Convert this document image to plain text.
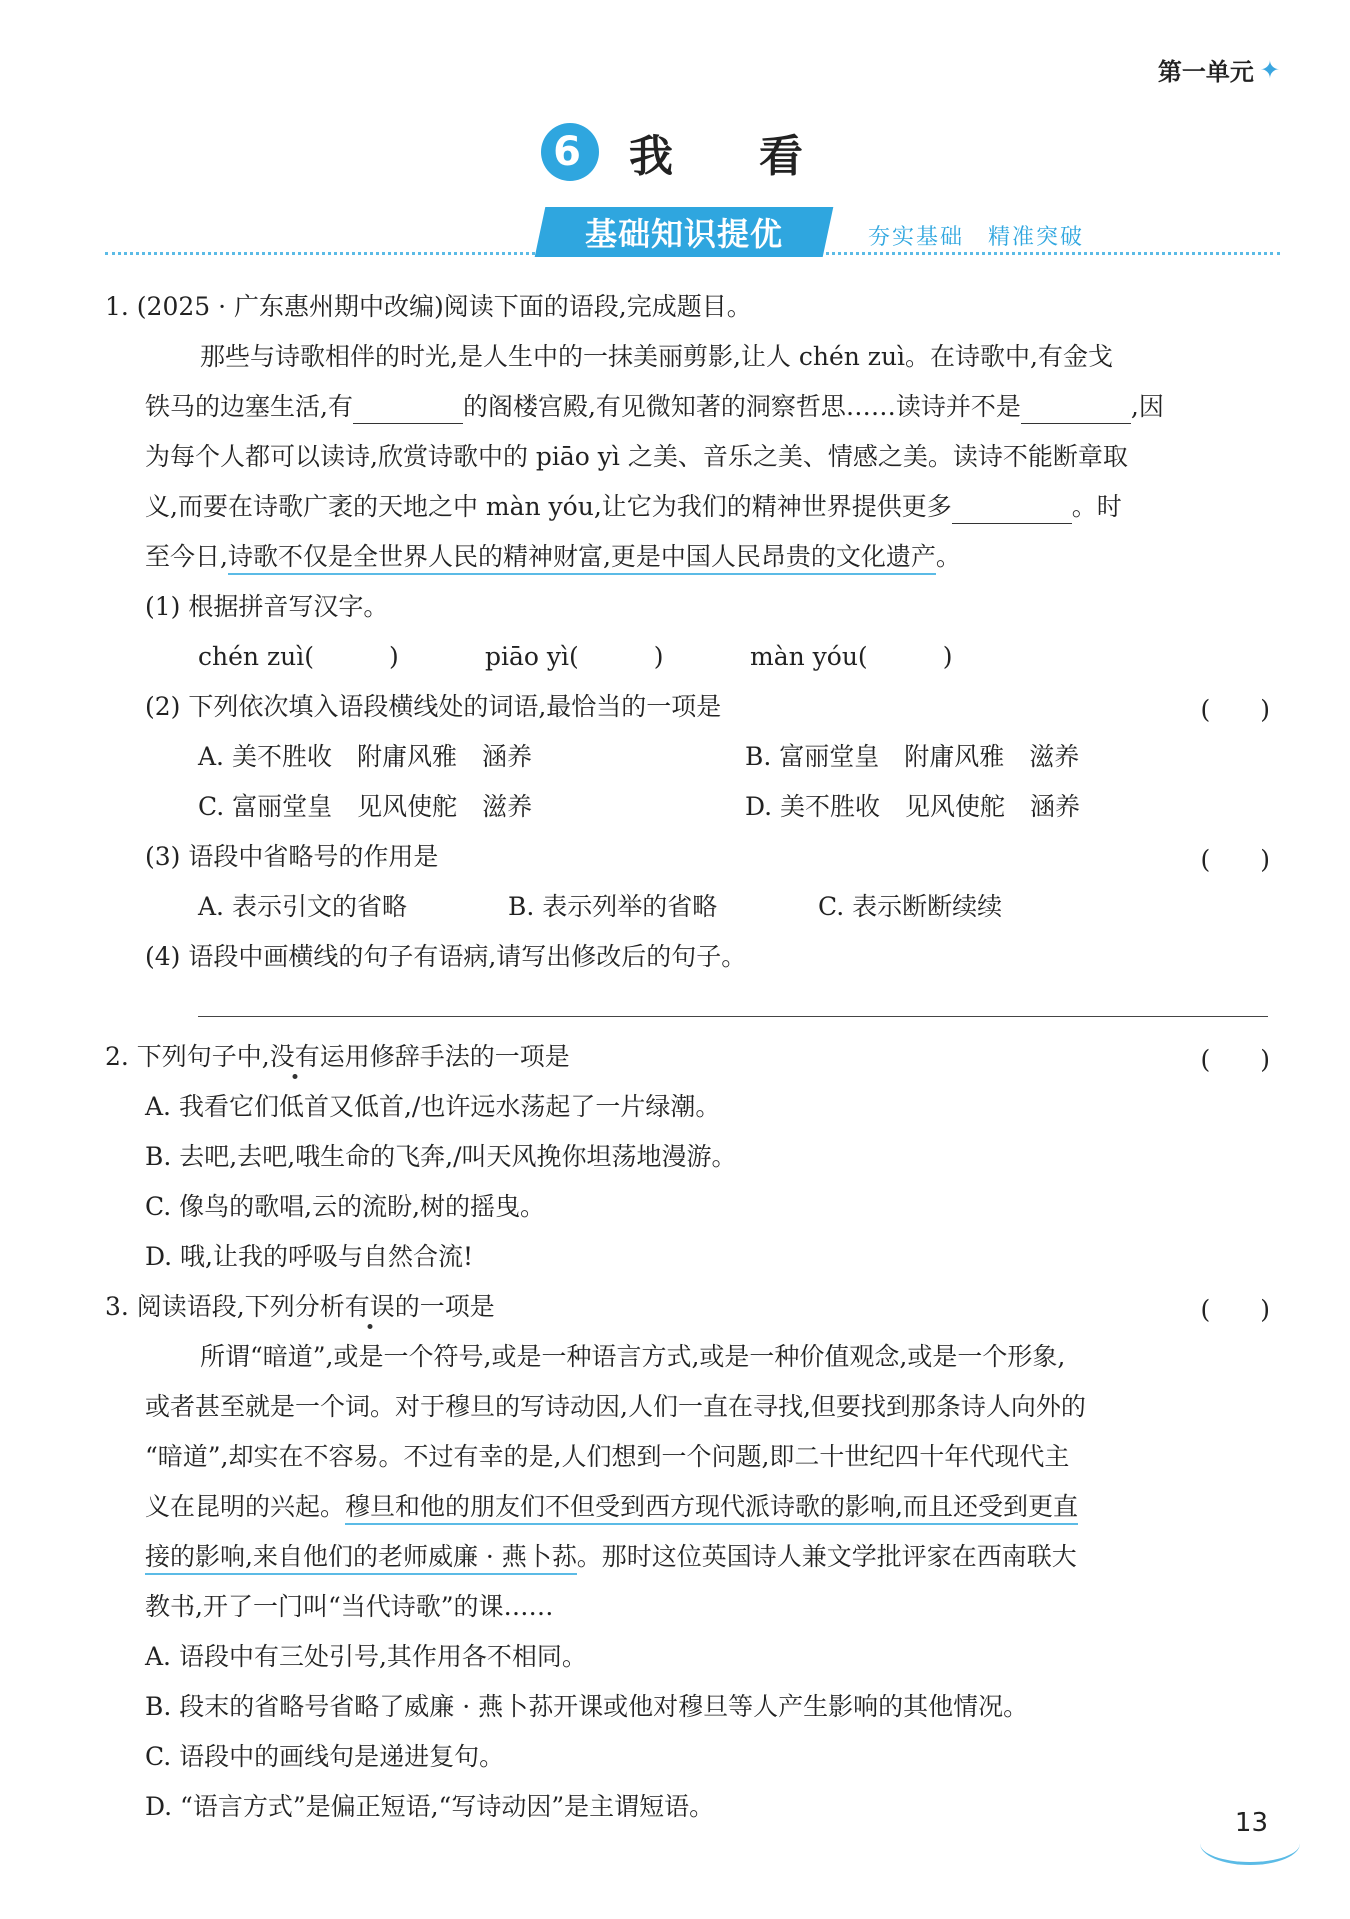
第一单元 ✦
6 我 看
基础知识提优	夯实基础　精准突破
1. (2025 · 广东惠州期中改编)阅读下面的语段,完成题目。
那些与诗歌相伴的时光,是人生中的一抹美丽剪影,让人 chén zuì。在诗歌中,有金戈
铁马的边塞生活,有	的阁楼宫殿,有见微知著的洞察哲思……读诗并不是	,因
为每个人都可以读诗,欣赏诗歌中的 piāo yì 之美、音乐之美、情感之美。读诗不能断章取
义,而要在诗歌广袤的天地之中 màn yóu,让它为我们的精神世界提供更多	。时
至今日,诗歌不仅是全世界人民的精神财富,更是中国人民昂贵的文化遗产。
(1) 根据拼音写汉字。
chén zuì(　　　)	piāo yì(　　　)	màn yóu(　　　)
(2) 下列依次填入语段横线处的词语,最恰当的一项是	(　　)
A. 美不胜收　附庸风雅　涵养	B. 富丽堂皇　附庸风雅　滋养
C. 富丽堂皇　见风使舵　滋养	D. 美不胜收　见风使舵　涵养
(3) 语段中省略号的作用是	(　　)
A. 表示引文的省略	B. 表示列举的省略	C. 表示断断续续
(4) 语段中画横线的句子有语病,请写出修改后的句子。
2. 下列句子中,没有运用修辞手法的一项是	(　　)
A. 我看它们低首又低首,/也许远水荡起了一片绿潮。
B. 去吧,去吧,哦生命的飞奔,/叫天风挽你坦荡地漫游。
C. 像鸟的歌唱,云的流盼,树的摇曳。
D. 哦,让我的呼吸与自然合流!
3. 阅读语段,下列分析有误的一项是	(　　)
所谓“暗道”,或是一个符号,或是一种语言方式,或是一种价值观念,或是一个形象,
或者甚至就是一个词。对于穆旦的写诗动因,人们一直在寻找,但要找到那条诗人向外的
“暗道”,却实在不容易。不过有幸的是,人们想到一个问题,即二十世纪四十年代现代主
义在昆明的兴起。穆旦和他的朋友们不但受到西方现代派诗歌的影响,而且还受到更直
接的影响,来自他们的老师威廉 · 燕卜荪。那时这位英国诗人兼文学批评家在西南联大
教书,开了一门叫“当代诗歌”的课……
A. 语段中有三处引号,其作用各不相同。
B. 段末的省略号省略了威廉 · 燕卜荪开课或他对穆旦等人产生影响的其他情况。
C. 语段中的画线句是递进复句。
D. “语言方式”是偏正短语,“写诗动因”是主谓短语。
13
